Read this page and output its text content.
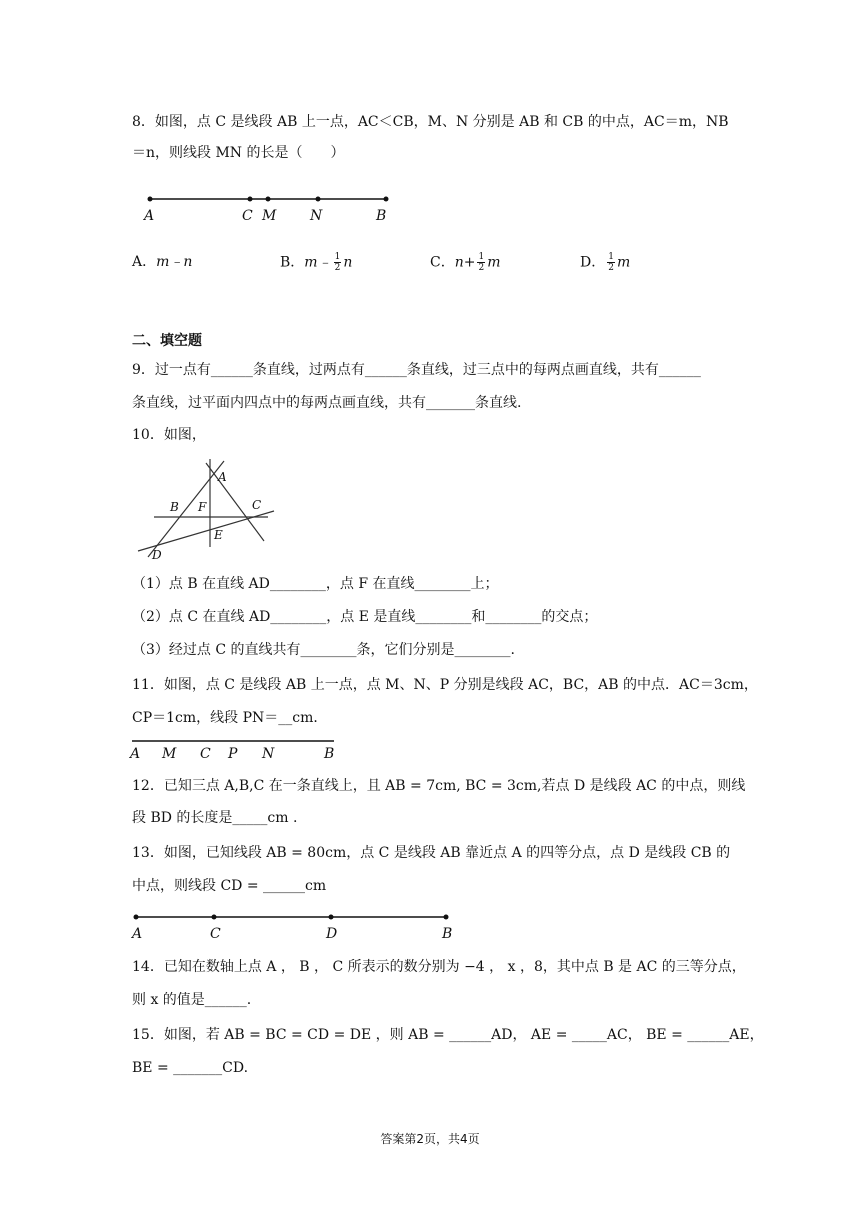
8．如图，点 C 是线段 AB 上一点，AC＜CB，M、N 分别是 AB 和 CB 的中点，AC＝m，NB
＝n，则线段 MN 的长是（　　）
A	C M N	B
A．m﹣n	B．m﹣ $\frac{1}{2}$ n	C．$n+ \frac{1}{2}$ m	D． $\frac{1}{2}$ m
二、填空题
9．过一点有______条直线，过两点有______条直线，过三点中的每两点画直线，共有______
条直线，过平面内四点中的每两点画直线，共有_______条直线.
10．如图，
A
B F	C
E
D
（1）点 B 在直线 AD________，点 F 在直线________上；
（2）点 C 在直线 AD________，点 E 是直线________和________的交点；
（3）经过点 C 的直线共有________条，它们分别是________.
11．如图，点 C 是线段 AB 上一点，点 M、N、P 分别是线段 AC，BC，AB 的中点．AC＝3cm，
CP＝1cm，线段 PN＝__cm．
A M C P N	B
12．已知三点 A,B,C 在一条直线上，且 AB = 7cm, BC = 3cm,若点 D 是线段 AC 的中点，则线
段 BD 的长度是_____cm .
13．如图，已知线段 AB = 80cm，点 C 是线段 AB 靠近点 A 的四等分点，点 D 是线段 CB 的
中点，则线段 CD = ______cm
A	C	D	B
14．已知在数轴上点 A ， B ， C 所表示的数分别为 −4 ， x ，8，其中点 B 是 AC 的三等分点，
则 x 的值是______.
15．如图，若 AB = BC = CD = DE ，则 AB = ______AD， AE = _____AC， BE = ______AE，
BE = _______CD.
答案第2页，共4页
